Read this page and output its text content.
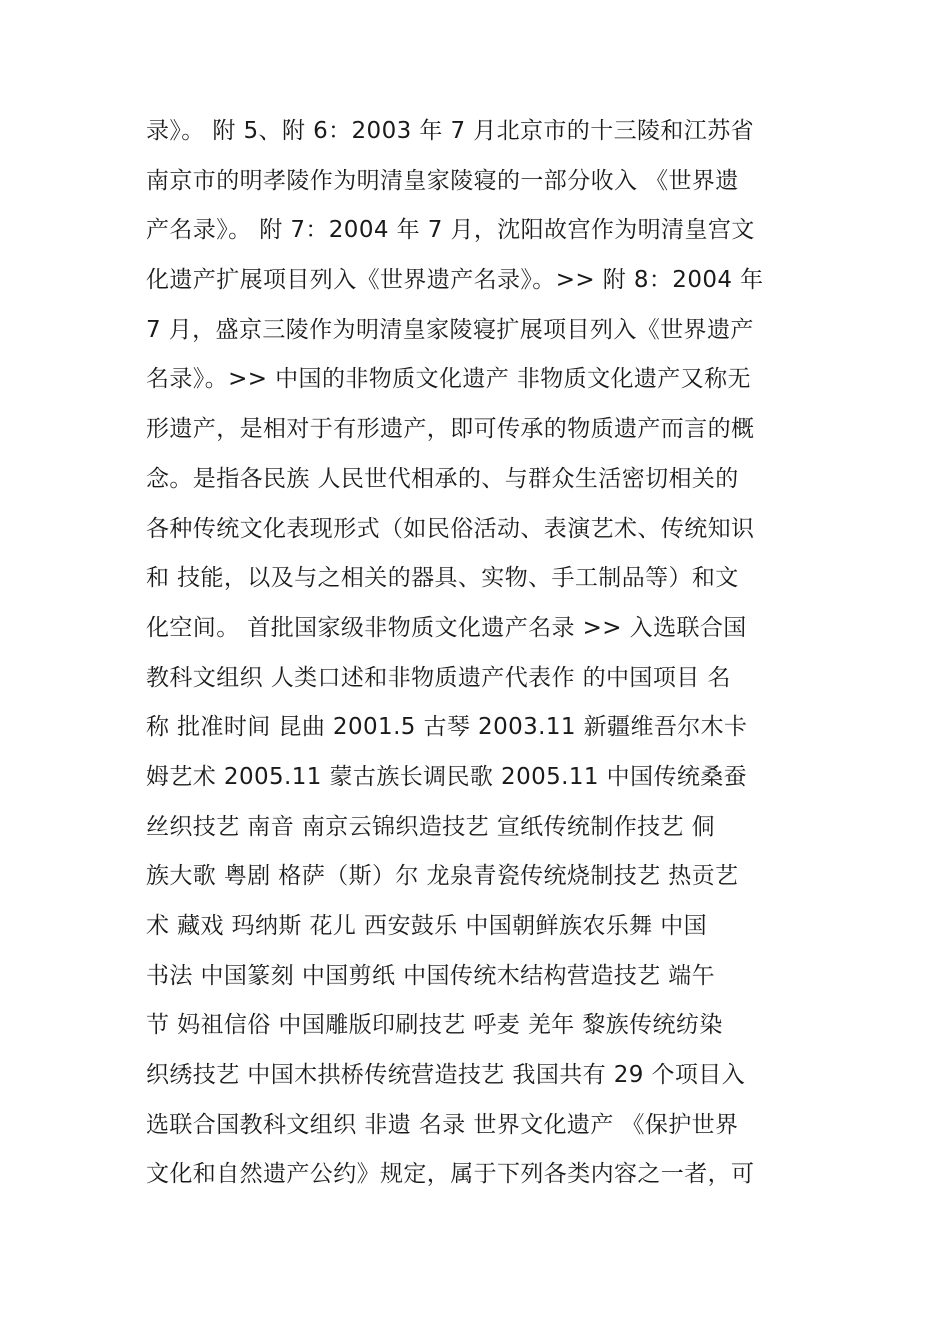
录》。 附 5、附 6：2003 年 7 月北京市的十三陵和江苏省
南京市的明孝陵作为明清皇家陵寝的一部分收入 《世界遗
产名录》。 附 7：2004 年 7 月，沈阳故宫作为明清皇宫文
化遗产扩展项目列入《世界遗产名录》。>> 附 8：2004 年
7 月，盛京三陵作为明清皇家陵寝扩展项目列入《世界遗产
名录》。>> 中国的非物质文化遗产 非物质文化遗产又称无
形遗产，是相对于有形遗产，即可传承的物质遗产而言的概
念。是指各民族 人民世代相承的、与群众生活密切相关的
各种传统文化表现形式（如民俗活动、表演艺术、传统知识
和 技能，以及与之相关的器具、实物、手工制品等）和文
化空间。 首批国家级非物质文化遗产名录 >> 入选联合国
教科文组织 人类口述和非物质遗产代表作 的中国项目 名
称 批准时间 昆曲 2001.5 古琴 2003.11 新疆维吾尔木卡
姆艺术 2005.11 蒙古族长调民歌 2005.11 中国传统桑蚕
丝织技艺 南音 南京云锦织造技艺 宣纸传统制作技艺 侗
族大歌 粤剧 格萨（斯）尔 龙泉青瓷传统烧制技艺 热贡艺
术 藏戏 玛纳斯 花儿 西安鼓乐 中国朝鲜族农乐舞 中国
书法 中国篆刻 中国剪纸 中国传统木结构营造技艺 端午
节 妈祖信俗 中国雕版印刷技艺 呼麦 羌年 黎族传统纺染
织绣技艺 中国木拱桥传统营造技艺 我国共有 29 个项目入
选联合国教科文组织 非遗 名录 世界文化遗产 《保护世界
文化和自然遗产公约》规定，属于下列各类内容之一者，可
